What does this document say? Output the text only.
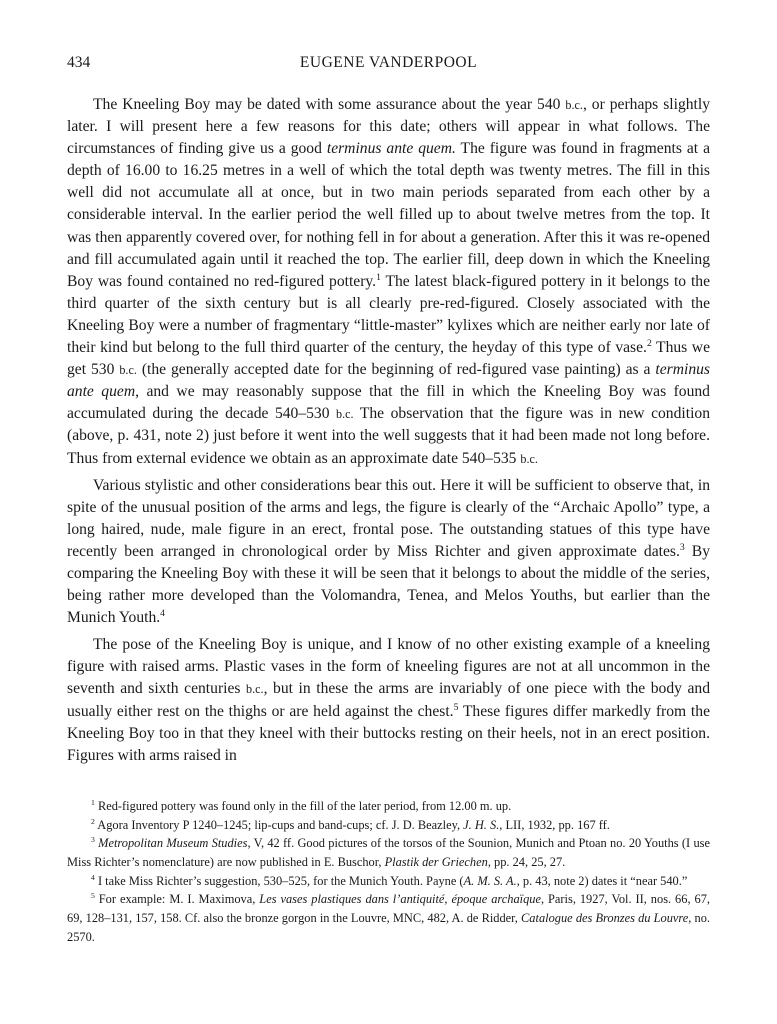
434	EUGENE VANDERPOOL

The Kneeling Boy may be dated with some assurance about the year 540 b.c., or perhaps slightly later. I will present here a few reasons for this date; others will appear in what follows. The circumstances of finding give us a good terminus ante quem. The figure was found in fragments at a depth of 16.00 to 16.25 metres in a well of which the total depth was twenty metres. The fill in this well did not accumulate all at once, but in two main periods separated from each other by a considerable interval. In the earlier period the well filled up to about twelve metres from the top. It was then apparently covered over, for nothing fell in for about a generation. After this it was re-opened and fill accumulated again until it reached the top. The earlier fill, deep down in which the Kneeling Boy was found contained no red-figured pottery.$^1$ The latest black-figured pottery in it belongs to the third quarter of the sixth century but is all clearly pre-red-figured. Closely associated with the Kneeling Boy were a number of fragmentary “little-master” kylixes which are neither early nor late of their kind but belong to the full third quarter of the century, the heyday of this type of vase.$^2$ Thus we get 530 b.c. (the generally accepted date for the beginning of red-figured vase painting) as a terminus ante quem, and we may reasonably suppose that the fill in which the Kneeling Boy was found accumulated during the decade 540–530 b.c. The observation that the figure was in new condition (above, p. 431, note 2) just before it went into the well suggests that it had been made not long before. Thus from external evidence we obtain as an approximate date 540–535 b.c.

Various stylistic and other considerations bear this out. Here it will be sufficient to observe that, in spite of the unusual position of the arms and legs, the figure is clearly of the “Archaic Apollo” type, a long haired, nude, male figure in an erect, frontal pose. The outstanding statues of this type have recently been arranged in chronological order by Miss Richter and given approximate dates.$^3$ By comparing the Kneeling Boy with these it will be seen that it belongs to about the middle of the series, being rather more developed than the Volomandra, Tenea, and Melos Youths, but earlier than the Munich Youth.$^4$

The pose of the Kneeling Boy is unique, and I know of no other existing example of a kneeling figure with raised arms. Plastic vases in the form of kneeling figures are not at all uncommon in the seventh and sixth centuries b.c., but in these the arms are invariably of one piece with the body and usually either rest on the thighs or are held against the chest.$^5$ These figures differ markedly from the Kneeling Boy too in that they kneel with their buttocks resting on their heels, not in an erect position. Figures with arms raised in

$^1$ Red-figured pottery was found only in the fill of the later period, from 12.00 m. up.

$^2$ Agora Inventory P 1240–1245; lip-cups and band-cups; cf. J. D. Beazley, J. H. S., LII, 1932, pp. 167 ff.

$^3$ Metropolitan Museum Studies, V, 42 ff. Good pictures of the torsos of the Sounion, Munich and Ptoan no. 20 Youths (I use Miss Richter’s nomenclature) are now published in E. Buschor, Plastik der Griechen, pp. 24, 25, 27.

$^4$ I take Miss Richter’s suggestion, 530–525, for the Munich Youth. Payne (A. M. S. A., p. 43, note 2) dates it “near 540.”

$^5$ For example: M. I. Maximova, Les vases plastiques dans l’antiquité, époque archaïque, Paris, 1927, Vol. II, nos. 66, 67, 69, 128–131, 157, 158. Cf. also the bronze gorgon in the Louvre, MNC, 482, A. de Ridder, Catalogue des Bronzes du Louvre, no. 2570.
